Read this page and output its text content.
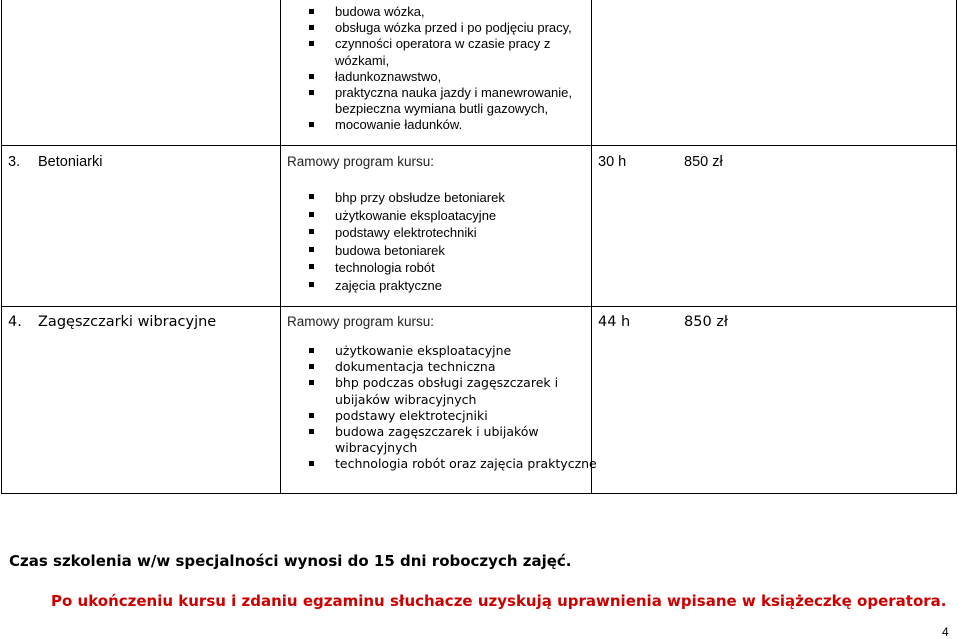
budowa wózka,
obsługa wózka przed i po podjęciu pracy,
czynności operatora w czasie pracy z
wózkami,
ładunkoznawstwo,
praktyczna nauka jazdy i manewrowanie,
bezpieczna wymiana butli gazowych,
mocowanie ładunków.
3. Betoniarki	Ramowy program kursu:	30 h	850 zł
bhp przy obsłudze betoniarek
użytkowanie eksploatacyjne
podstawy elektrotechniki
budowa betoniarek
technologia robót
zajęcia praktyczne
4. Zagęszczarki wibracyjne	Ramowy program kursu:	44 h	850 zł
użytkowanie eksploatacyjne
dokumentacja techniczna
bhp podczas obsługi zagęszczarek i
ubijaków wibracyjnych
podstawy elektrotecjniki
budowa zagęszczarek i ubijaków
wibracyjnych
technologia robót oraz zajęcia praktyczne
Czas szkolenia w/w specjalności wynosi do 15 dni roboczych zajęć.
Po ukończeniu kursu i zdaniu egzaminu słuchacze uzyskują uprawnienia wpisane w książeczkę operatora.
4
